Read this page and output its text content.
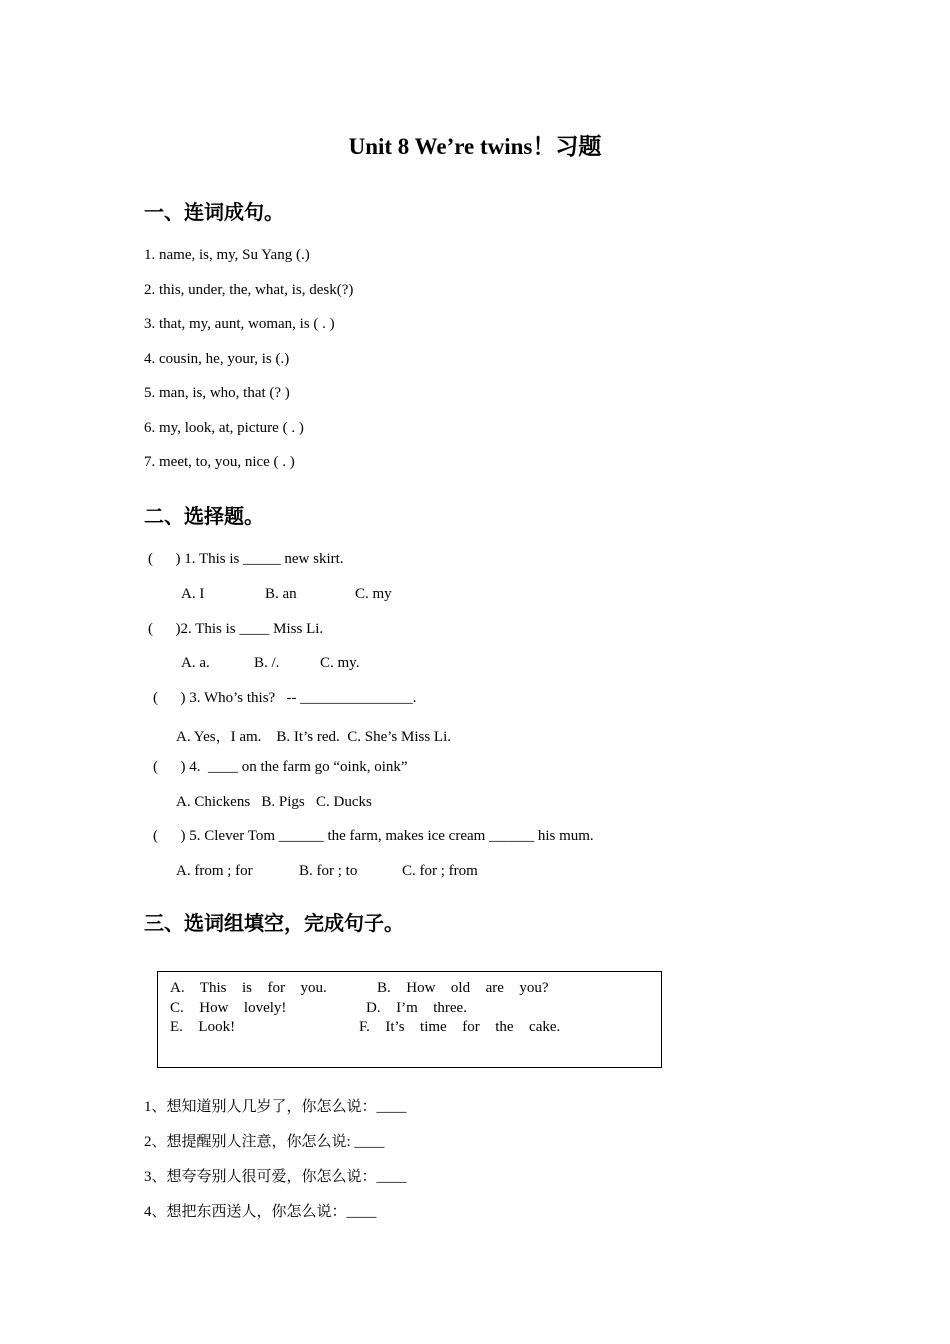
Unit 8 We’re twins！习题
一、连词成句。
1. name, is, my, Su Yang (.)
2. this, under, the, what, is, desk(?)
3. that, my, aunt, woman, is ( . )
4. cousin, he, your, is (.)
5. man, is, who, that (? )
6. my, look, at, picture ( . )
7. meet, to, you, nice ( . )
二、选择题。
(      ) 1. This is _____ new skirt.
A. I	B. an	C. my
(      )2. This is ____ Miss Li.
A. a.	B. /.	C. my.
(      ) 3. Who’s this?   -- _______________.
A. Yes，I am.    B. It’s red.  C. She’s Miss Li.
(      ) 4.  ____ on the farm go “oink, oink”
A. Chickens   B. Pigs   C. Ducks
(      ) 5. Clever Tom ______ the farm, makes ice cream ______ his mum.
A. from ; for	B. for ; to	C. for ; from
三、选词组填空，完成句子。
A.  This  is  for  you.	B.  How  old  are  you?
C.  How  lovely!	D.  I’m  three.
E.  Look!	F.  It’s  time  for  the  cake.
1、想知道别人几岁了，你怎么说：____
2、想提醒别人注意，你怎么说: ____
3、想夸夸别人很可爱，你怎么说：____
4、想把东西送人，你怎么说：____
